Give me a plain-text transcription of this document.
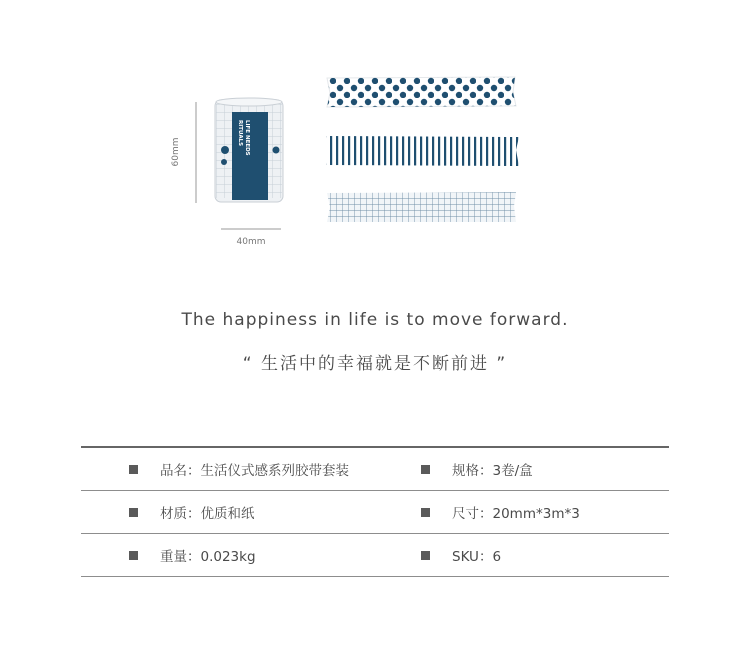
60mm	LIFE NEEDS
RITUALS
40mm
The happiness in life is to move forward.
“ 生活中的幸福就是不断前进 ”
品名：生活仪式感系列胶带套装	规格：3卷/盒
材质：优质和纸	尺寸：20mm*3m*3
重量：0.023kg	SKU：6
